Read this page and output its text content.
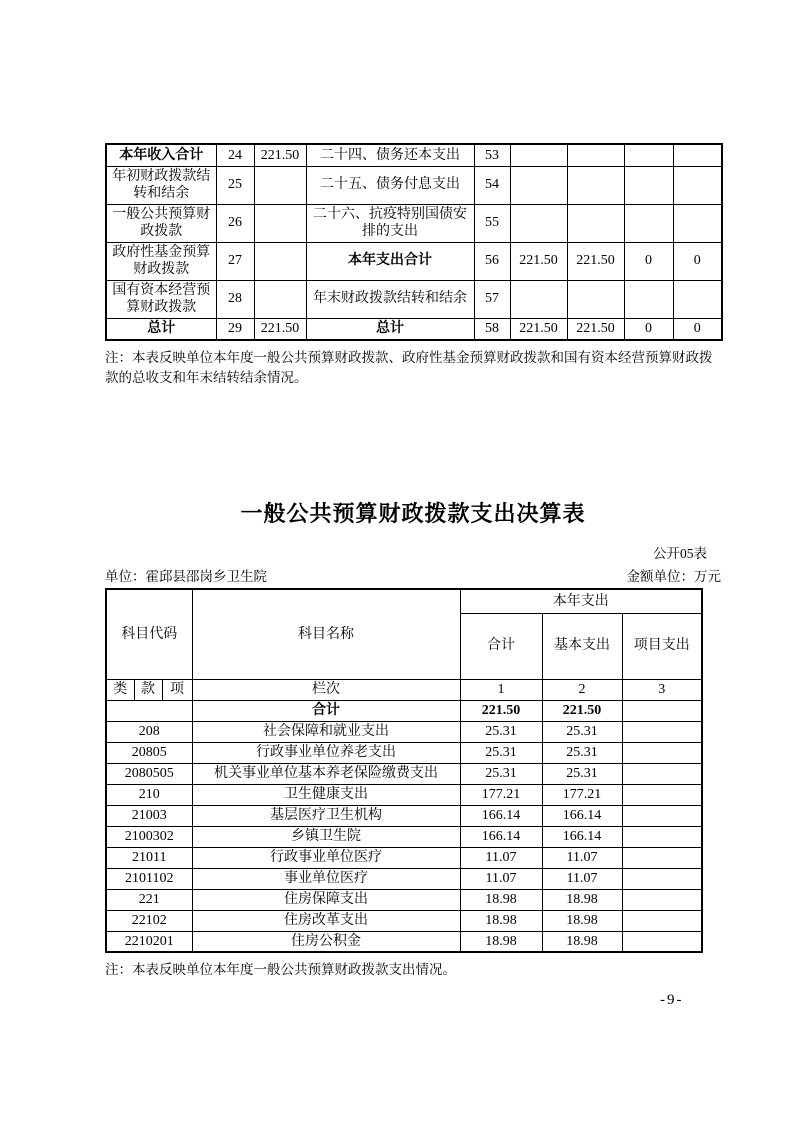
本年收入合计	24	221.50	二十四、债务还本支出	53				
年初财政拨款结转和结余	25		二十五、债务付息支出	54				
一般公共预算财政拨款	26		二十六、抗疫特别国债安排的支出	55				
政府性基金预算财政拨款	27		本年支出合计	56	221.50	221.50	0	0
国有资本经营预算财政拨款	28		年末财政拨款结转和结余	57				
总计	29	221.50	总计	58	221.50	221.50	0	0

注：本表反映单位本年度一般公共预算财政拨款、政府性基金预算财政拨款和国有资本经营预算财政拨款的总收支和年末结转结余情况。

一般公共预算财政拨款支出决算表
公开05表
单位：霍邱县邵岗乡卫生院	金额单位：万元
科目代码			科目名称	本年支出		
				合计	基本支出	项目支出
类	款	项	栏次	1	2	3
			合计	221.50	221.50	
208			社会保障和就业支出	25.31	25.31	
20805			行政事业单位养老支出	25.31	25.31	
2080505			机关事业单位基本养老保险缴费支出	25.31	25.31	
210			卫生健康支出	177.21	177.21	
21003			基层医疗卫生机构	166.14	166.14	
2100302			乡镇卫生院	166.14	166.14	
21011			行政事业单位医疗	11.07	11.07	
2101102			事业单位医疗	11.07	11.07	
221			住房保障支出	18.98	18.98	
22102			住房改革支出	18.98	18.98	
2210201			住房公积金	18.98	18.98	

注：本表反映单位本年度一般公共预算财政拨款支出情况。

-9-
